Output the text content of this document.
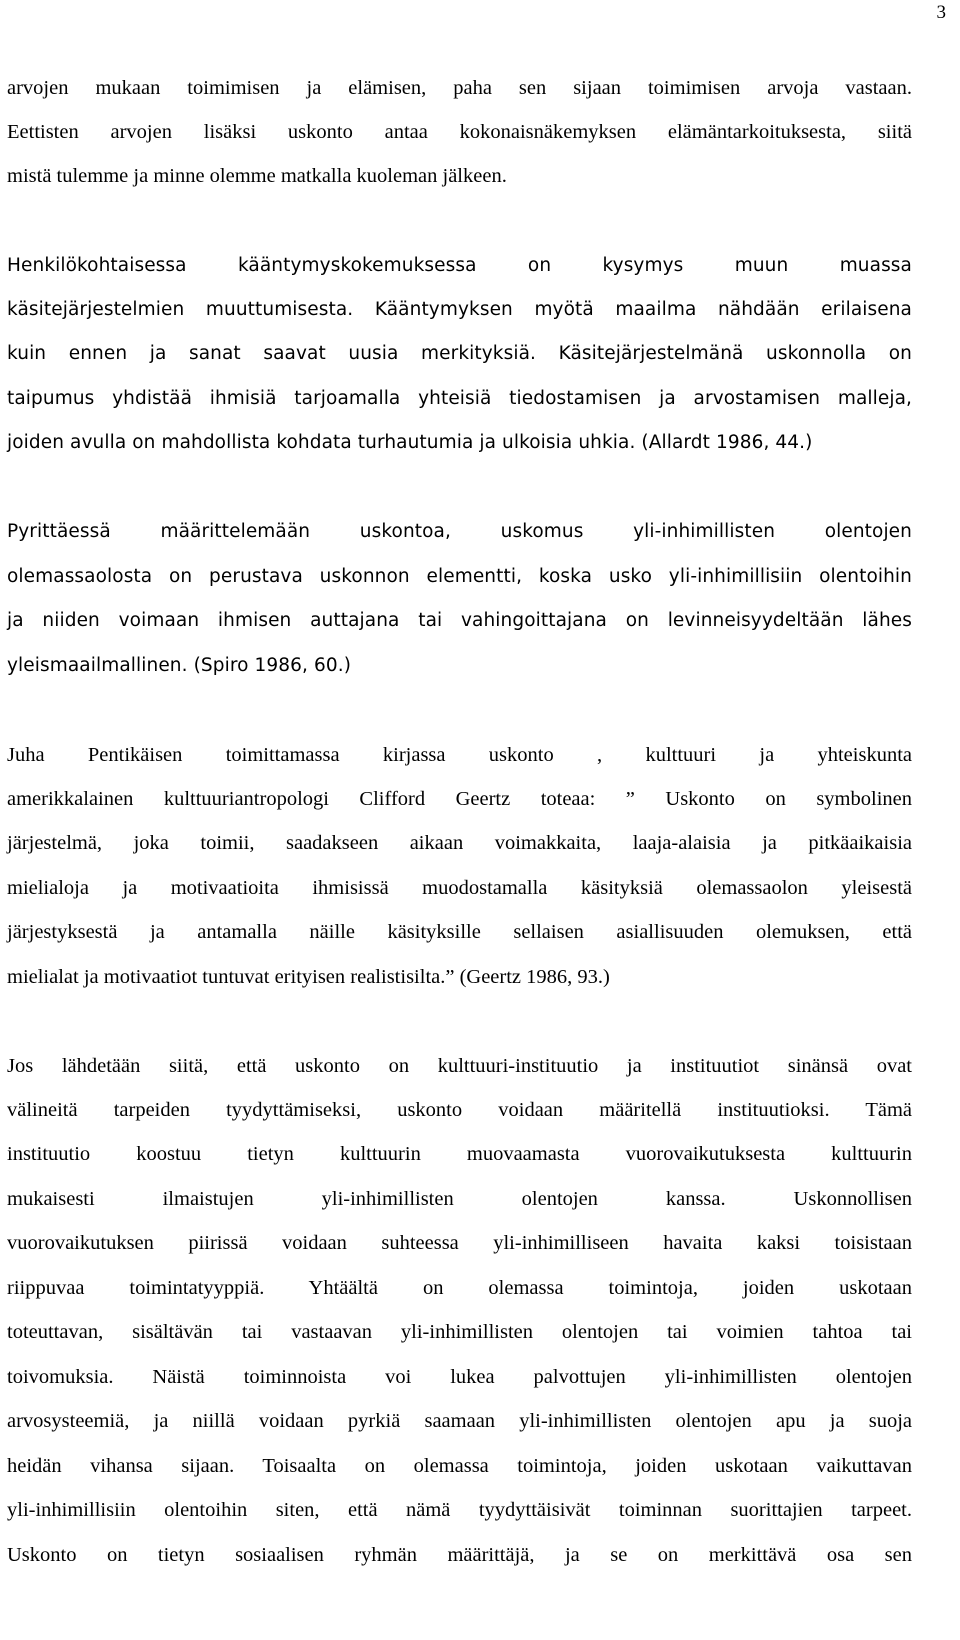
3
arvojen mukaan toimimisen ja elämisen, paha sen sijaan toimimisen arvoja vastaan.
Eettisten arvojen lisäksi uskonto antaa kokonaisnäkemyksen elämäntarkoituksesta, siitä
mistä tulemme ja minne olemme matkalla kuoleman jälkeen.
Henkilökohtaisessa kääntymyskokemuksessa on kysymys muun muassa
käsitejärjestelmien muuttumisesta. Kääntymyksen myötä maailma nähdään erilaisena
kuin ennen ja sanat saavat uusia merkityksiä. Käsitejärjestelmänä uskonnolla on
taipumus yhdistää ihmisiä tarjoamalla yhteisiä tiedostamisen ja arvostamisen malleja,
joiden avulla on mahdollista kohdata turhautumia ja ulkoisia uhkia. (Allardt 1986, 44.)
Pyrittäessä määrittelemään uskontoa, uskomus yli-inhimillisten olentojen
olemassaolosta on perustava uskonnon elementti, koska usko yli-inhimillisiin olentoihin
ja niiden voimaan ihmisen auttajana tai vahingoittajana on levinneisyydeltään lähes
yleismaailmallinen. (Spiro 1986, 60.)
Juha Pentikäisen toimittamassa kirjassa uskonto , kulttuuri ja yhteiskunta
amerikkalainen kulttuuriantropologi Clifford Geertz toteaa: ” Uskonto on symbolinen
järjestelmä, joka toimii, saadakseen aikaan voimakkaita, laaja-alaisia ja pitkäaikaisia
mielialoja ja motivaatioita ihmisissä muodostamalla käsityksiä olemassaolon yleisestä
järjestyksestä ja antamalla näille käsityksille sellaisen asiallisuuden olemuksen, että
mielialat ja motivaatiot tuntuvat erityisen realistisilta.” (Geertz 1986, 93.)
Jos lähdetään siitä, että uskonto on kulttuuri-instituutio ja instituutiot sinänsä ovat
välineitä tarpeiden tyydyttämiseksi, uskonto voidaan määritellä instituutioksi. Tämä
instituutio koostuu tietyn kulttuurin muovaamasta vuorovaikutuksesta kulttuurin
mukaisesti ilmaistujen yli-inhimillisten olentojen kanssa. Uskonnollisen
vuorovaikutuksen piirissä voidaan suhteessa yli-inhimilliseen havaita kaksi toisistaan
riippuvaa toimintatyyppiä. Yhtäältä on olemassa toimintoja, joiden uskotaan
toteuttavan, sisältävän tai vastaavan yli-inhimillisten olentojen tai voimien tahtoa tai
toivomuksia. Näistä toiminnoista voi lukea palvottujen yli-inhimillisten olentojen
arvosysteemiä, ja niillä voidaan pyrkiä saamaan yli-inhimillisten olentojen apu ja suoja
heidän vihansa sijaan. Toisaalta on olemassa toimintoja, joiden uskotaan vaikuttavan
yli-inhimillisiin olentoihin siten, että nämä tyydyttäisivät toiminnan suorittajien tarpeet.
Uskonto on tietyn sosiaalisen ryhmän määrittäjä, ja se on merkittävä osa sen
